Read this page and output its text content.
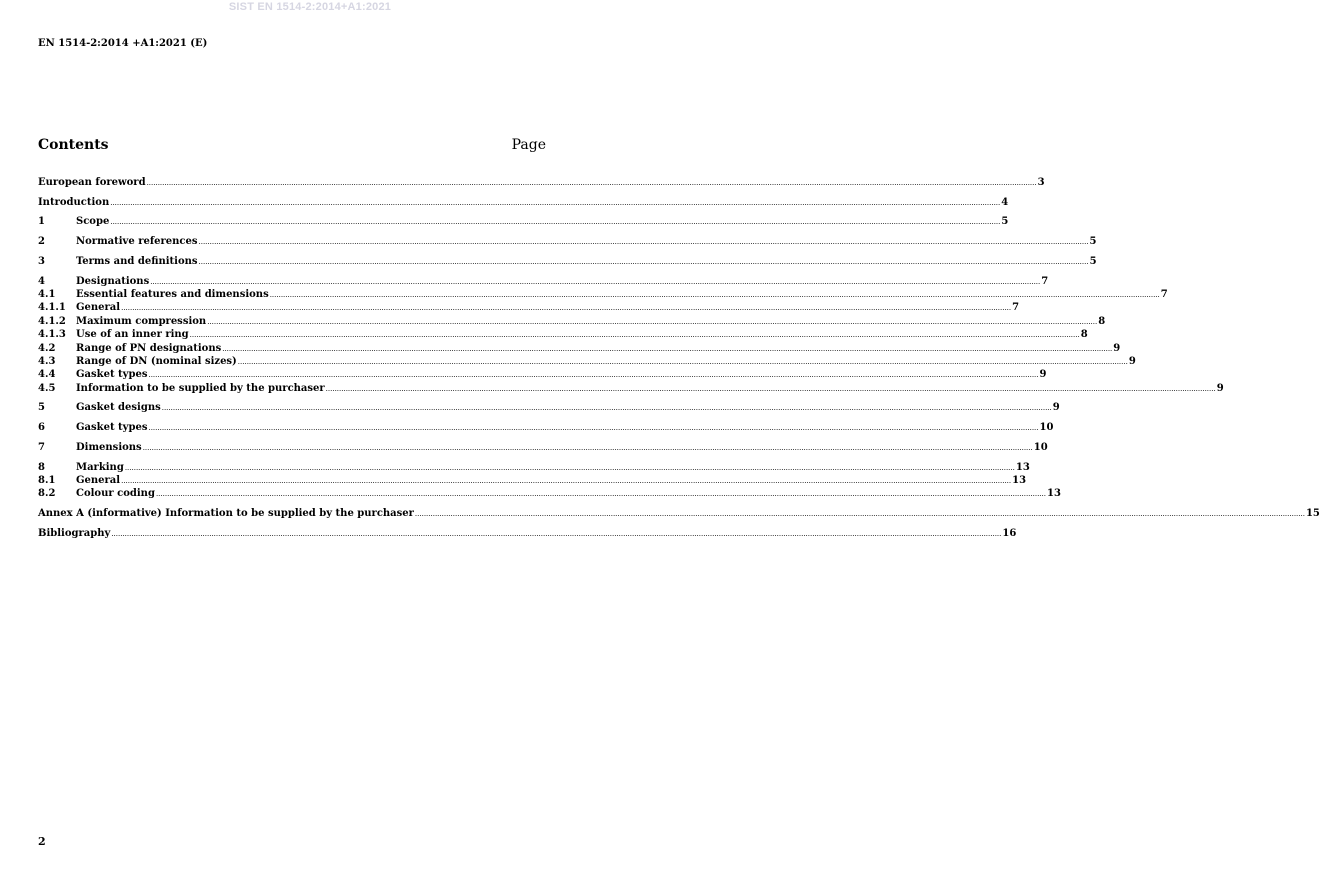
SIST EN 1514-2:2014+A1:2021
EN 1514-2:2014 +A1:2021 (E)
Contents	Page
European foreword ................................................................................................................................................................................................................................................................................................................................................................................................................ 3
Introduction ................................................................................................................................................................................................................................................................................................................................................................................................................ 4
1	Scope ................................................................................................................................................................................................................................................................................................................................................................................................................ 5
2	Normative references ................................................................................................................................................................................................................................................................................................................................................................................................................ 5
3	Terms and definitions ................................................................................................................................................................................................................................................................................................................................................................................................................ 5
4	Designations ................................................................................................................................................................................................................................................................................................................................................................................................................ 7
4.1	Essential features and dimensions ................................................................................................................................................................................................................................................................................................................................................................................................................ 7
4.1.1	General ................................................................................................................................................................................................................................................................................................................................................................................................................ 7
4.1.2	Maximum compression ................................................................................................................................................................................................................................................................................................................................................................................................................ 8
4.1.3	Use of an inner ring ................................................................................................................................................................................................................................................................................................................................................................................................................ 8
4.2	Range of PN designations ................................................................................................................................................................................................................................................................................................................................................................................................................ 9
4.3	Range of DN (nominal sizes) ................................................................................................................................................................................................................................................................................................................................................................................................................ 9
4.4	Gasket types ................................................................................................................................................................................................................................................................................................................................................................................................................ 9
4.5	Information to be supplied by the purchaser ................................................................................................................................................................................................................................................................................................................................................................................................................ 9
5	Gasket designs ................................................................................................................................................................................................................................................................................................................................................................................................................ 9
6	Gasket types ................................................................................................................................................................................................................................................................................................................................................................................................................ 10
7	Dimensions ................................................................................................................................................................................................................................................................................................................................................................................................................ 10
8	Marking ................................................................................................................................................................................................................................................................................................................................................................................................................ 13
8.1	General ................................................................................................................................................................................................................................................................................................................................................................................................................ 13
8.2	Colour coding ................................................................................................................................................................................................................................................................................................................................................................................................................ 13
Annex A (informative) Information to be supplied by the purchaser ................................................................................................................................................................................................................................................................................................................................................................................................................ 15
Bibliography ................................................................................................................................................................................................................................................................................................................................................................................................................ 16
2
